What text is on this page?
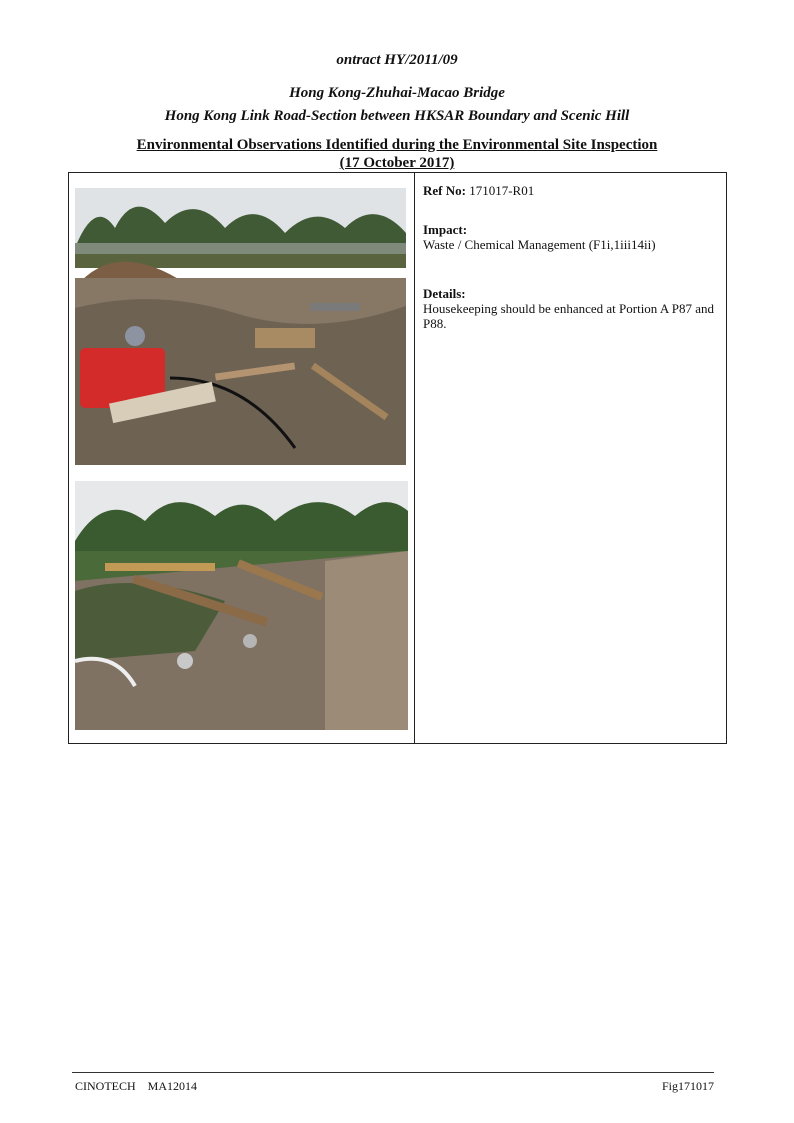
ontract HY/2011/09
Hong Kong-Zhuhai-Macao Bridge
Hong Kong Link Road-Section between HKSAR Boundary and Scenic Hill
Environmental Observations Identified during the Environmental Site Inspection
(17 October 2017)
Ref No: 171017-R01
Impact:
Waste / Chemical Management (F1i,1iii14ii)
Details:
Housekeeping should be enhanced at Portion A P87 and P88.
CINOTECH    MA12014	Fig171017
